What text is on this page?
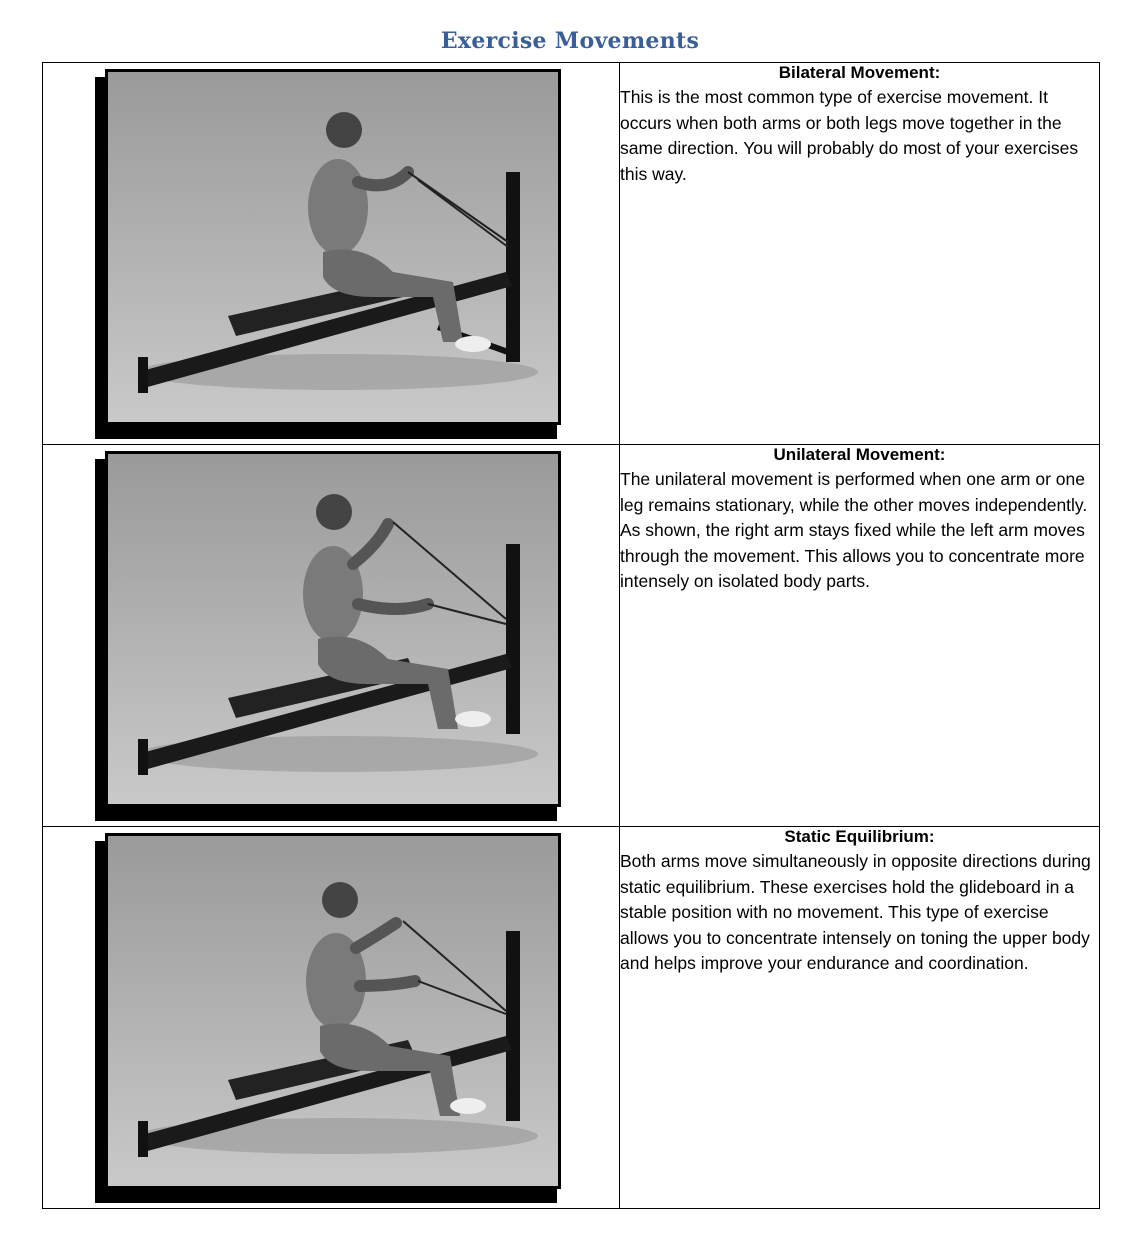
Exercise Movements

Bilateral Movement:

This is the most common type of exercise movement. It occurs when both arms or both legs move together in the same direction. You will probably do most of your exercises this way.

Unilateral Movement:

The unilateral movement is performed when one arm or one leg remains stationary, while the other moves independently. As shown, the right arm stays fixed while the left arm moves through the movement. This allows you to concentrate more intensely on isolated body parts.

Static Equilibrium:

Both arms move simultaneously in opposite directions during static equilibrium. These exercises hold the glideboard in a stable position with no movement. This type of exercise allows you to concentrate intensely on toning the upper body and helps improve your endurance and coordination.
